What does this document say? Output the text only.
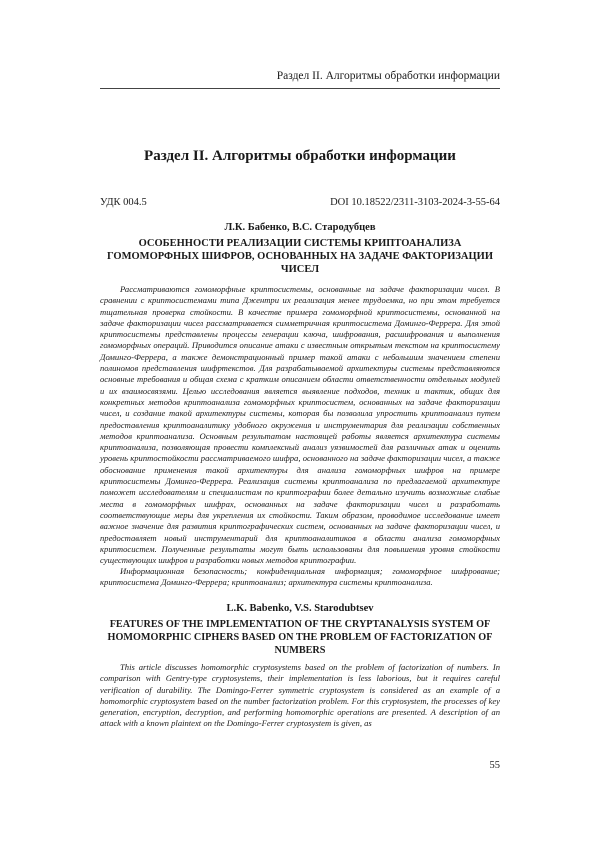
Раздел II. Алгоритмы обработки информации
Раздел II. Алгоритмы обработки информации
УДК 004.5	DOI 10.18522/2311-3103-2024-3-55-64
Л.К. Бабенко, В.С. Стародубцев
ОСОБЕННОСТИ РЕАЛИЗАЦИИ СИСТЕМЫ КРИПТОАНАЛИЗА ГОМОМОРФНЫХ ШИФРОВ, ОСНОВАННЫХ НА ЗАДАЧЕ ФАКТОРИЗАЦИИ ЧИСЕЛ

Рассматриваются гомоморфные криптосистемы, основанные на задаче факторизации чисел. В сравнении с криптосистемами типа Джентри их реализация менее трудоемка, но при этом требуется тщательная проверка стойкости. В качестве примера гомоморфной криптосистемы, основанной на задаче факторизации чисел рассматривается симметричная криптосистема Доминго-Феррера. Для этой криптосистемы представлены процессы генерации ключа, шифрования, расшифрования и выполнения гомоморфных операций. Приводится описание атаки с известным открытым текстом на криптосистему Доминго-Феррера, а также демонстрационный пример такой атаки с небольшим значением степени полиномов представления шифртекстов. Для разрабатываемой архитектуры системы представляются основные требования и общая схема с кратким описанием области ответственности отдельных модулей и их взаимосвязями. Целью исследования является выявление подходов, техник и тактик, общих для конкретных методов криптоанализа гомоморфных криптосистем, основанных на задаче факторизации чисел, и создание такой архитектуры системы, которая бы позволила упростить криптоанализ путем предоставления криптоаналитику удобного окружения и инструментария для реализации собственных методов криптоанализа. Основным результатом настоящей работы является архитектура системы криптоанализа, позволяющая провести комплексный анализ уязвимостей для различных атак и оценить уровень криптостойкости рассматриваемого шифра, основанного на задаче факторизации чисел, а также обоснование применения такой архитектуры для анализа гомоморфных шифров на примере криптосистемы Доминго-Феррера. Реализация системы криптоанализа по предлагаемой архитектуре поможет исследователям и специалистам по криптографии более детально изучить возможные слабые места в гомоморфных шифрах, основанных на задаче факторизации чисел и разработать соответствующие меры для укрепления их стойкости. Таким образом, проводимое исследование имеет важное значение для развития криптографических систем, основанных на задаче факторизации чисел, и предоставляет новый инструментарий для криптоаналитиков в области анализа гомоморфных криптосистем. Полученные результаты могут быть использованы для повышения уровня стойкости существующих шифров и разработки новых методов криптографии.

Информационная безопасность; конфиденциальная информация; гомоморфное шифрование; криптосистема Доминго-Феррера; криптоанализ; архитектура системы криптоанализа.

L.K. Babenko, V.S. Starodubtsev
FEATURES OF THE IMPLEMENTATION OF THE CRYPTANALYSIS SYSTEM OF HOMOMORPHIC CIPHERS BASED ON THE PROBLEM OF FACTORIZATION OF NUMBERS

This article discusses homomorphic cryptosystems based on the problem of factorization of numbers. In comparison with Gentry-type cryptosystems, their implementation is less laborious, but it requires careful verification of durability. The Domingo-Ferrer symmetric cryptosystem is considered as an example of a homomorphic cryptosystem based on the number factorization problem. For this cryptosystem, the processes of key generation, encryption, decryption, and performing homomorphic operations are presented. A description of an attack with a known plaintext on the Domingo-Ferrer cryptosystem is given, as

55
